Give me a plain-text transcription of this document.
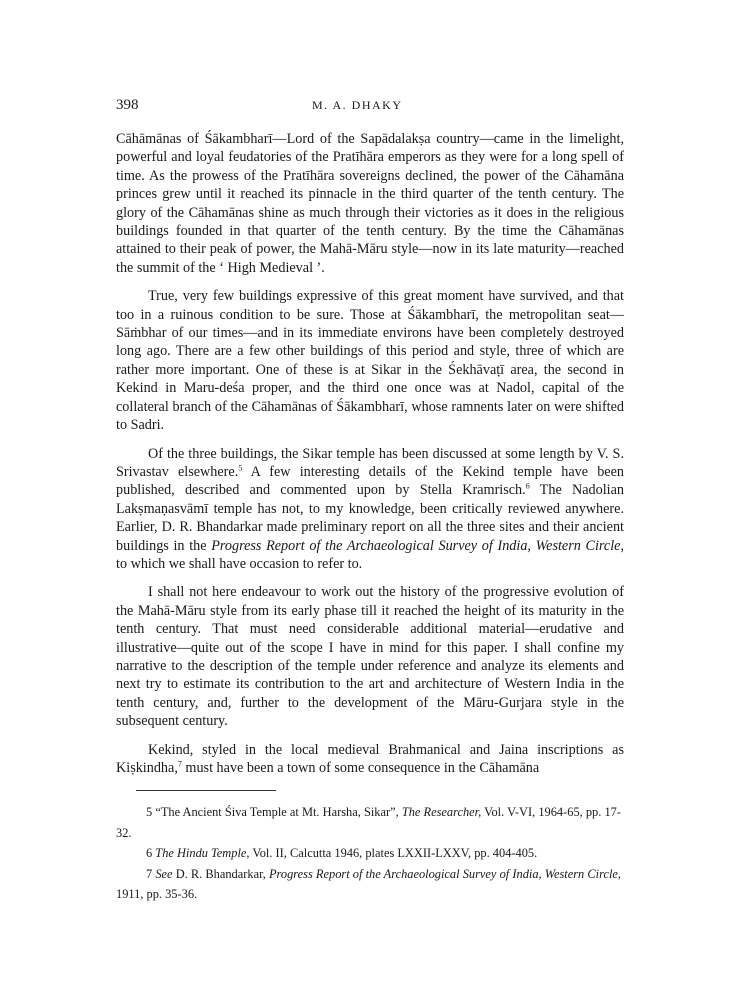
398	M. A. DHAKY

Cāhāmānas of Śākambharī—Lord of the Sapādalakṣa country—came in the limelight, powerful and loyal feudatories of the Pratīhāra emperors as they were for a long spell of time. As the prowess of the Pratīhāra sovereigns declined, the power of the Cāhamāna princes grew until it reached its pinnacle in the third quarter of the tenth century. The glory of the Cāhamānas shine as much through their victories as it does in the religious buildings founded in that quarter of the tenth century. By the time the Cāhamānas attained to their peak of power, the Mahā-Māru style—now in its late maturity—reached the summit of the ‘ High Medieval ’.

True, very few buildings expressive of this great moment have survived, and that too in a ruinous condition to be sure. Those at Śākambharī, the metropolitan seat—Sāṁbhar of our times—and in its immediate environs have been completely destroyed long ago. There are a few other buildings of this period and style, three of which are rather more important. One of these is at Sikar in the Śekhāvaṭī area, the second in Kekind in Maru-deśa proper, and the third one once was at Nadol, capital of the collateral branch of the Cāhamānas of Śākambharī, whose ramnents later on were shifted to Sadri.

Of the three buildings, the Sikar temple has been discussed at some length by V. S. Srivastav elsewhere.$^5$ A few interesting details of the Kekind temple have been published, described and commented upon by Stella Kramrisch.$^6$ The Nadolian Lakṣmaṇasvāmī temple has not, to my knowledge, been critically reviewed anywhere. Earlier, D. R. Bhandarkar made preliminary report on all the three sites and their ancient buildings in the Progress Report of the Archaeological Survey of India, Western Circle, to which we shall have occasion to refer to.

I shall not here endeavour to work out the history of the progressive evolution of the Mahā-Māru style from its early phase till it reached the height of its maturity in the tenth century. That must need considerable additional material—erudative and illustrative—quite out of the scope I have in mind for this paper. I shall confine my narrative to the description of the temple under reference and analyze its elements and next try to estimate its contribution to the art and architecture of Western India in the tenth century, and, further to the development of the Māru-Gurjara style in the subsequent century.

Kekind, styled in the local medieval Brahmanical and Jaina inscriptions as Kiṣkindha,$^7$ must have been a town of some consequence in the Cāhamāna

5 “The Ancient Śiva Temple at Mt. Harsha, Sikar”, The Researcher, Vol. V-VI, 1964-65, pp. 17-32.

6 The Hindu Temple, Vol. II, Calcutta 1946, plates LXXII-LXXV, pp. 404-405.

7 See D. R. Bhandarkar, Progress Report of the Archaeological Survey of India, Western Circle, 1911, pp. 35-36.
